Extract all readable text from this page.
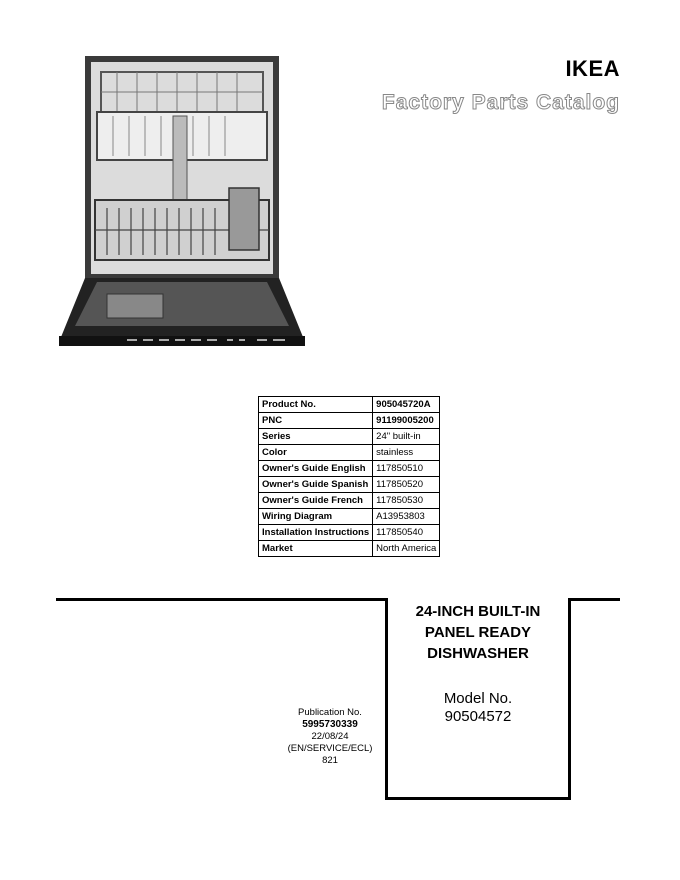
IKEA
Factory Parts Catalog
Product No.	905045720A
PNC	91199005200
Series	24" built-in
Color	stainless
Owner's Guide English	117850510
Owner's Guide Spanish	117850520
Owner's Guide French	117850530
Wiring Diagram	A13953803
Installation Instructions	117850540
Market	North America
24-INCH BUILT-IN
PANEL READY
DISHWASHER
Model No.
90504572
Publication No.
5995730339
22/08/24
(EN/SERVICE/ECL)
821
